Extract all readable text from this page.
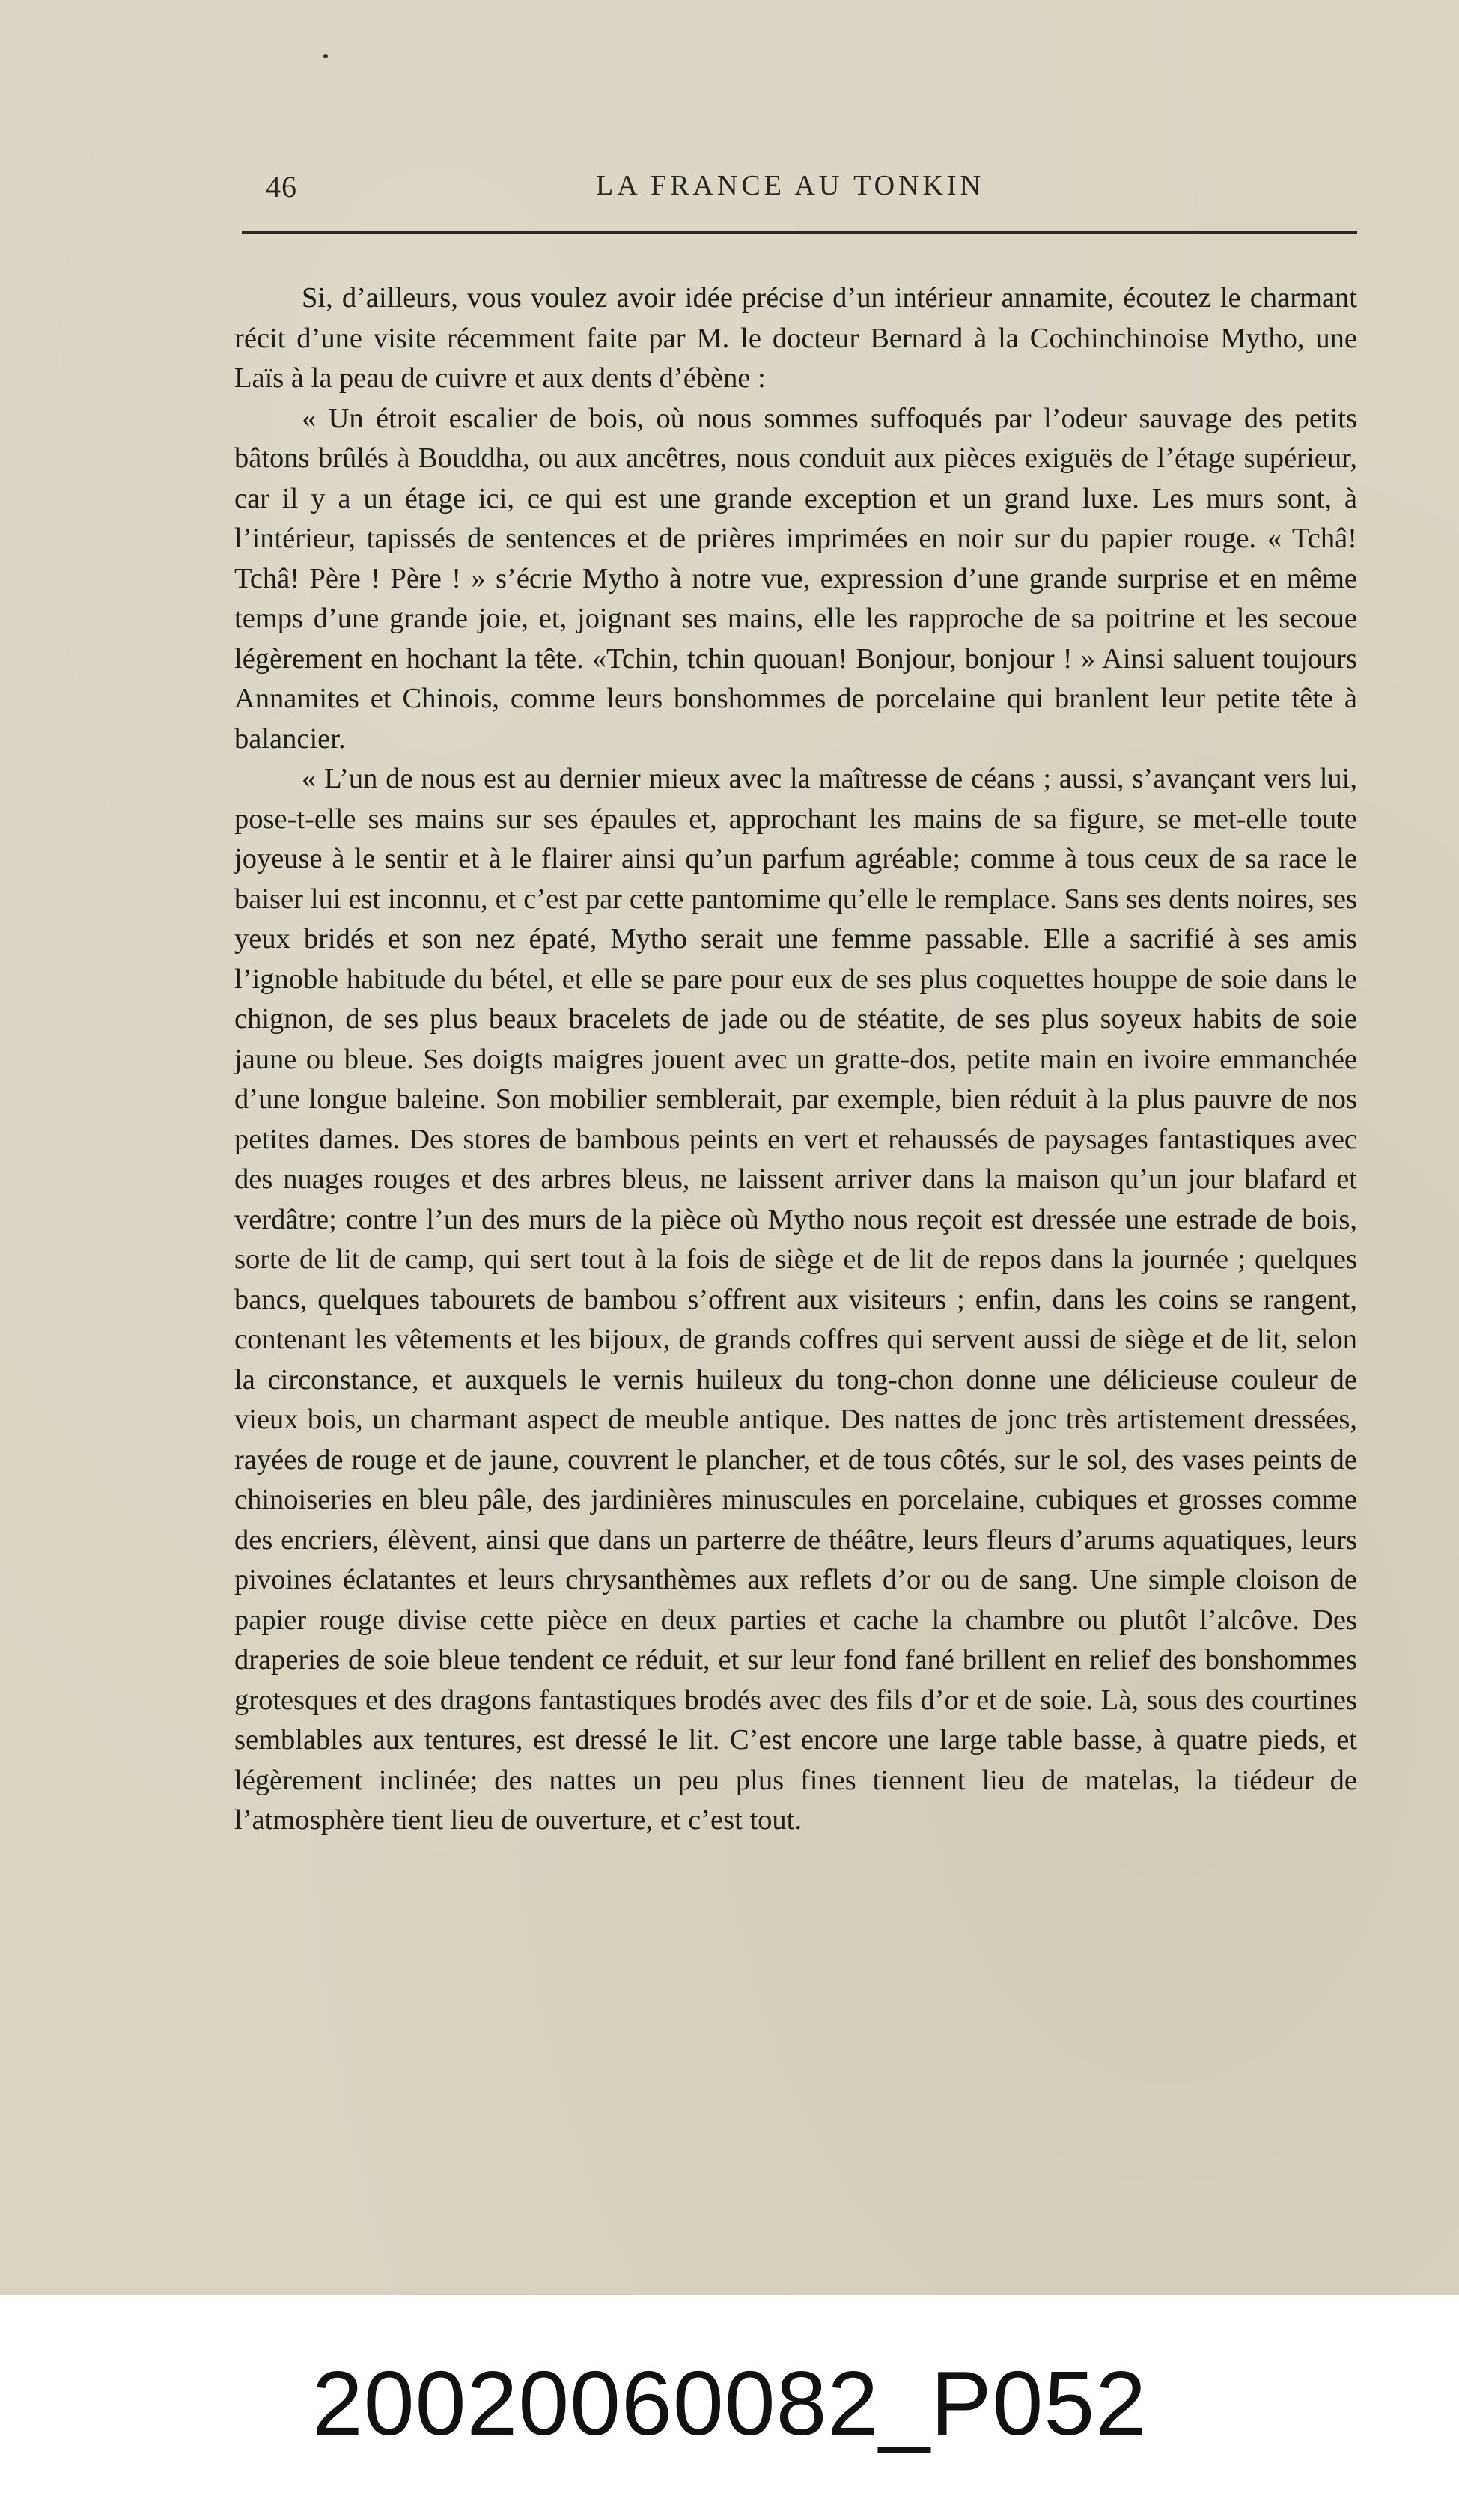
46	LA FRANCE AU TONKIN

Si, d’ailleurs, vous voulez avoir idée précise d’un intérieur annamite, écoutez le charmant récit d’une visite récemment faite par M. le docteur Bernard à la Cochinchinoise Mytho, une Laïs à la peau de cuivre et aux dents d’ébène :

« Un étroit escalier de bois, où nous sommes suffoqués par l’odeur sauvage des petits bâtons brûlés à Bouddha, ou aux ancêtres, nous conduit aux pièces exiguës de l’étage supérieur, car il y a un étage ici, ce qui est une grande exception et un grand luxe. Les murs sont, à l’intérieur, tapissés de sentences et de prières imprimées en noir sur du papier rouge. « Tchâ! Tchâ! Père ! Père ! » s’écrie Mytho à notre vue, expression d’une grande surprise et en même temps d’une grande joie, et, joignant ses mains, elle les rapproche de sa poitrine et les secoue légèrement en hochant la tête. «Tchin, tchin quouan! Bonjour, bonjour ! » Ainsi saluent toujours Annamites et Chinois, comme leurs bonshommes de porcelaine qui branlent leur petite tête à balancier.

« L’un de nous est au dernier mieux avec la maîtresse de céans ; aussi, s’avançant vers lui, pose-t-elle ses mains sur ses épaules et, approchant les mains de sa figure, se met-elle toute joyeuse à le sentir et à le flairer ainsi qu’un parfum agréable; comme à tous ceux de sa race le baiser lui est inconnu, et c’est par cette pantomime qu’elle le remplace. Sans ses dents noires, ses yeux bridés et son nez épaté, Mytho serait une femme passable. Elle a sacrifié à ses amis l’ignoble habitude du bétel, et elle se pare pour eux de ses plus coquettes houppe de soie dans le chignon, de ses plus beaux bracelets de jade ou de stéatite, de ses plus soyeux habits de soie jaune ou bleue. Ses doigts maigres jouent avec un gratte-dos, petite main en ivoire emmanchée d’une longue baleine. Son mobilier semblerait, par exemple, bien réduit à la plus pauvre de nos petites dames. Des stores de bambous peints en vert et rehaussés de paysages fantastiques avec des nuages rouges et des arbres bleus, ne laissent arriver dans la maison qu’un jour blafard et verdâtre; contre l’un des murs de la pièce où Mytho nous reçoit est dressée une estrade de bois, sorte de lit de camp, qui sert tout à la fois de siège et de lit de repos dans la journée ; quelques bancs, quelques tabourets de bambou s’offrent aux visiteurs ; enfin, dans les coins se rangent, contenant les vêtements et les bijoux, de grands coffres qui servent aussi de siège et de lit, selon la circonstance, et auxquels le vernis huileux du tong-chon donne une délicieuse couleur de vieux bois, un charmant aspect de meuble antique. Des nattes de jonc très artistement dressées, rayées de rouge et de jaune, couvrent le plancher, et de tous côtés, sur le sol, des vases peints de chinoiseries en bleu pâle, des jardinières minuscules en porcelaine, cubiques et grosses comme des encriers, élèvent, ainsi que dans un parterre de théâtre, leurs fleurs d’arums aquatiques, leurs pivoines éclatantes et leurs chrysanthèmes aux reflets d’or ou de sang. Une simple cloison de papier rouge divise cette pièce en deux parties et cache la chambre ou plutôt l’alcôve. Des draperies de soie bleue tendent ce réduit, et sur leur fond fané brillent en relief des bonshommes grotesques et des dragons fantastiques brodés avec des fils d’or et de soie. Là, sous des courtines semblables aux tentures, est dressé le lit. C’est encore une large table basse, à quatre pieds, et légèrement inclinée; des nattes un peu plus fines tiennent lieu de matelas, la tiédeur de l’atmosphère tient lieu de ouverture, et c’est tout.

20020060082_P052
